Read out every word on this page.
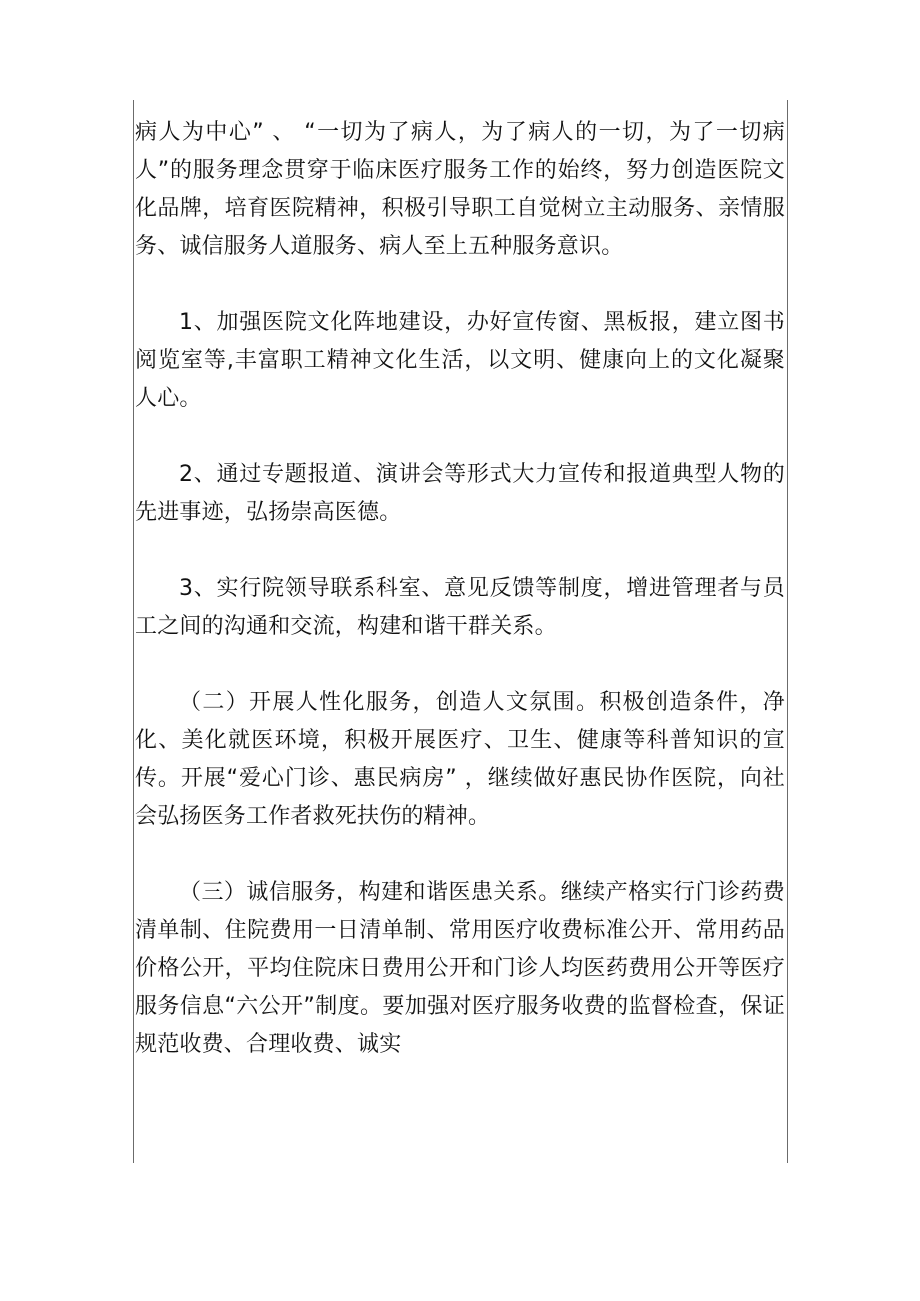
病人为中心” 、 “一切为了病人，为了病人的一切，为了一切病人”的服务理念贯穿于临床医疗服务工作的始终，努力创造医院文化品牌，培育医院精神，积极引导职工自觉树立主动服务、亲情服务、诚信服务人道服务、病人至上五种服务意识。

1、加强医院文化阵地建设，办好宣传窗、黑板报，建立图书阅览室等,丰富职工精神文化生活，以文明、健康向上的文化凝聚人心。

2、通过专题报道、演讲会等形式大力宣传和报道典型人物的先进事迹，弘扬崇高医德。

3、实行院领导联系科室、意见反馈等制度，增进管理者与员工之间的沟通和交流，构建和谐干群关系。

（二）开展人性化服务，创造人文氛围。积极创造条件，净化、美化就医环境，积极开展医疗、卫生、健康等科普知识的宣传。开展“爱心门诊、惠民病房” ，继续做好惠民协作医院，向社会弘扬医务工作者救死扶伤的精神。

（三）诚信服务，构建和谐医患关系。继续产格实行门诊药费清单制、住院费用一日清单制、常用医疗收费标准公开、常用药品价格公开，平均住院床日费用公开和门诊人均医药费用公开等医疗服务信息“六公开”制度。要加强对医疗服务收费的监督检查，保证规范收费、合理收费、诚实
